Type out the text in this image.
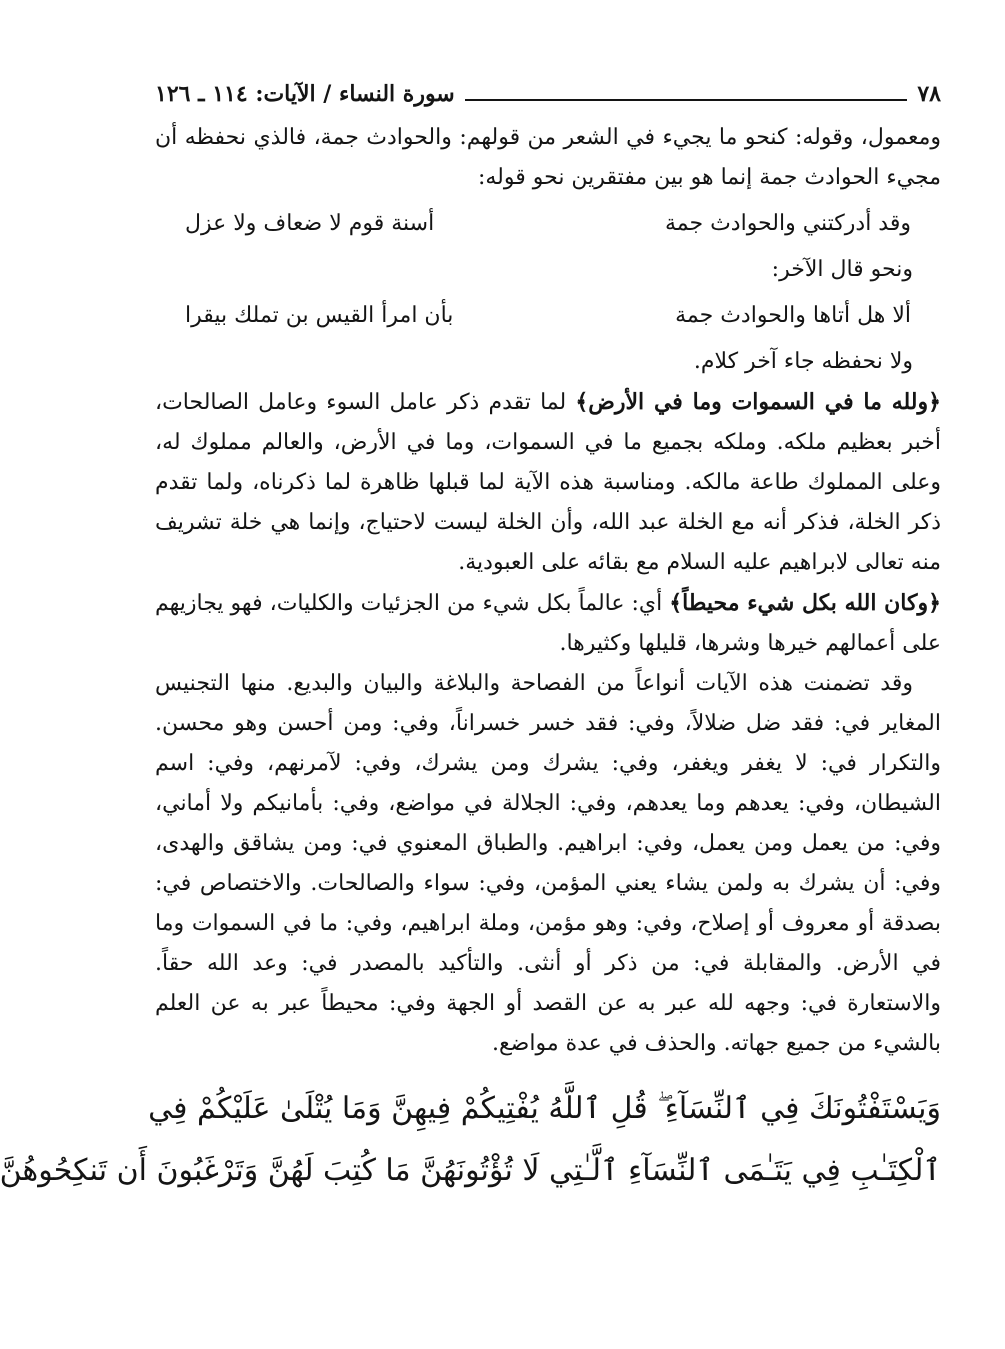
٧٨
سورة النساء / الآيات: ١١٤ ـ ١٢٦

ومعمول، وقوله: كنحو ما يجيء في الشعر من قولهم: والحوادث جمة، فالذي نحفظه أن مجيء الحوادث جمة إنما هو بين مفتقرين نحو قوله:

وقد أدركتني والحوادث جمة
أسنة قوم لا ضعاف ولا عزل

ونحو قال الآخر:

ألا هل أتاها والحوادث جمة
بأن امرأ القيس بن تملك بيقرا

ولا نحفظه جاء آخر كلام.

﴿ولله ما في السموات وما في الأرض﴾ لما تقدم ذكر عامل السوء وعامل الصالحات، أخبر بعظيم ملكه. وملكه بجميع ما في السموات، وما في الأرض، والعالم مملوك له، وعلى المملوك طاعة مالكه. ومناسبة هذه الآية لما قبلها ظاهرة لما ذكرناه، ولما تقدم ذكر الخلة، فذكر أنه مع الخلة عبد الله، وأن الخلة ليست لاحتياج، وإنما هي خلة تشريف منه تعالى لابراهيم عليه السلام مع بقائه على العبودية.

﴿وكان الله بكل شيء محيطاً﴾ أي: عالماً بكل شيء من الجزئيات والكليات، فهو يجازيهم على أعمالهم خيرها وشرها، قليلها وكثيرها.

وقد تضمنت هذه الآيات أنواعاً من الفصاحة والبلاغة والبيان والبديع. منها التجنيس المغاير في: فقد ضل ضلالاً، وفي: فقد خسر خسراناً، وفي: ومن أحسن وهو محسن. والتكرار في: لا يغفر ويغفر، وفي: يشرك ومن يشرك، وفي: لآمرنهم، وفي: اسم الشيطان، وفي: يعدهم وما يعدهم، وفي: الجلالة في مواضع، وفي: بأمانيكم ولا أماني، وفي: من يعمل ومن يعمل، وفي: ابراهيم. والطباق المعنوي في: ومن يشاقق والهدى، وفي: أن يشرك به ولمن يشاء يعني المؤمن، وفي: سواء والصالحات. والاختصاص في: بصدقة أو معروف أو إصلاح، وفي: وهو مؤمن، وملة ابراهيم، وفي: ما في السموات وما في الأرض. والمقابلة في: من ذكر أو أنثى. والتأكيد بالمصدر في: وعد الله حقاً. والاستعارة في: وجهه لله عبر به عن القصد أو الجهة وفي: محيطاً عبر به عن العلم بالشيء من جميع جهاته. والحذف في عدة مواضع.

وَيَسْتَفْتُونَكَ فِي ٱلنِّسَآءِ ۖ قُلِ ٱللَّهُ يُفْتِيكُمْ فِيهِنَّ وَمَا يُتْلَىٰ عَلَيْكُمْ فِي
ٱلْكِتَـٰبِ فِي يَتَـٰمَى ٱلنِّسَآءِ ٱلَّـٰتِي لَا تُؤْتُونَهُنَّ مَا كُتِبَ لَهُنَّ وَتَرْغَبُونَ أَن تَنكِحُوهُنَّ
